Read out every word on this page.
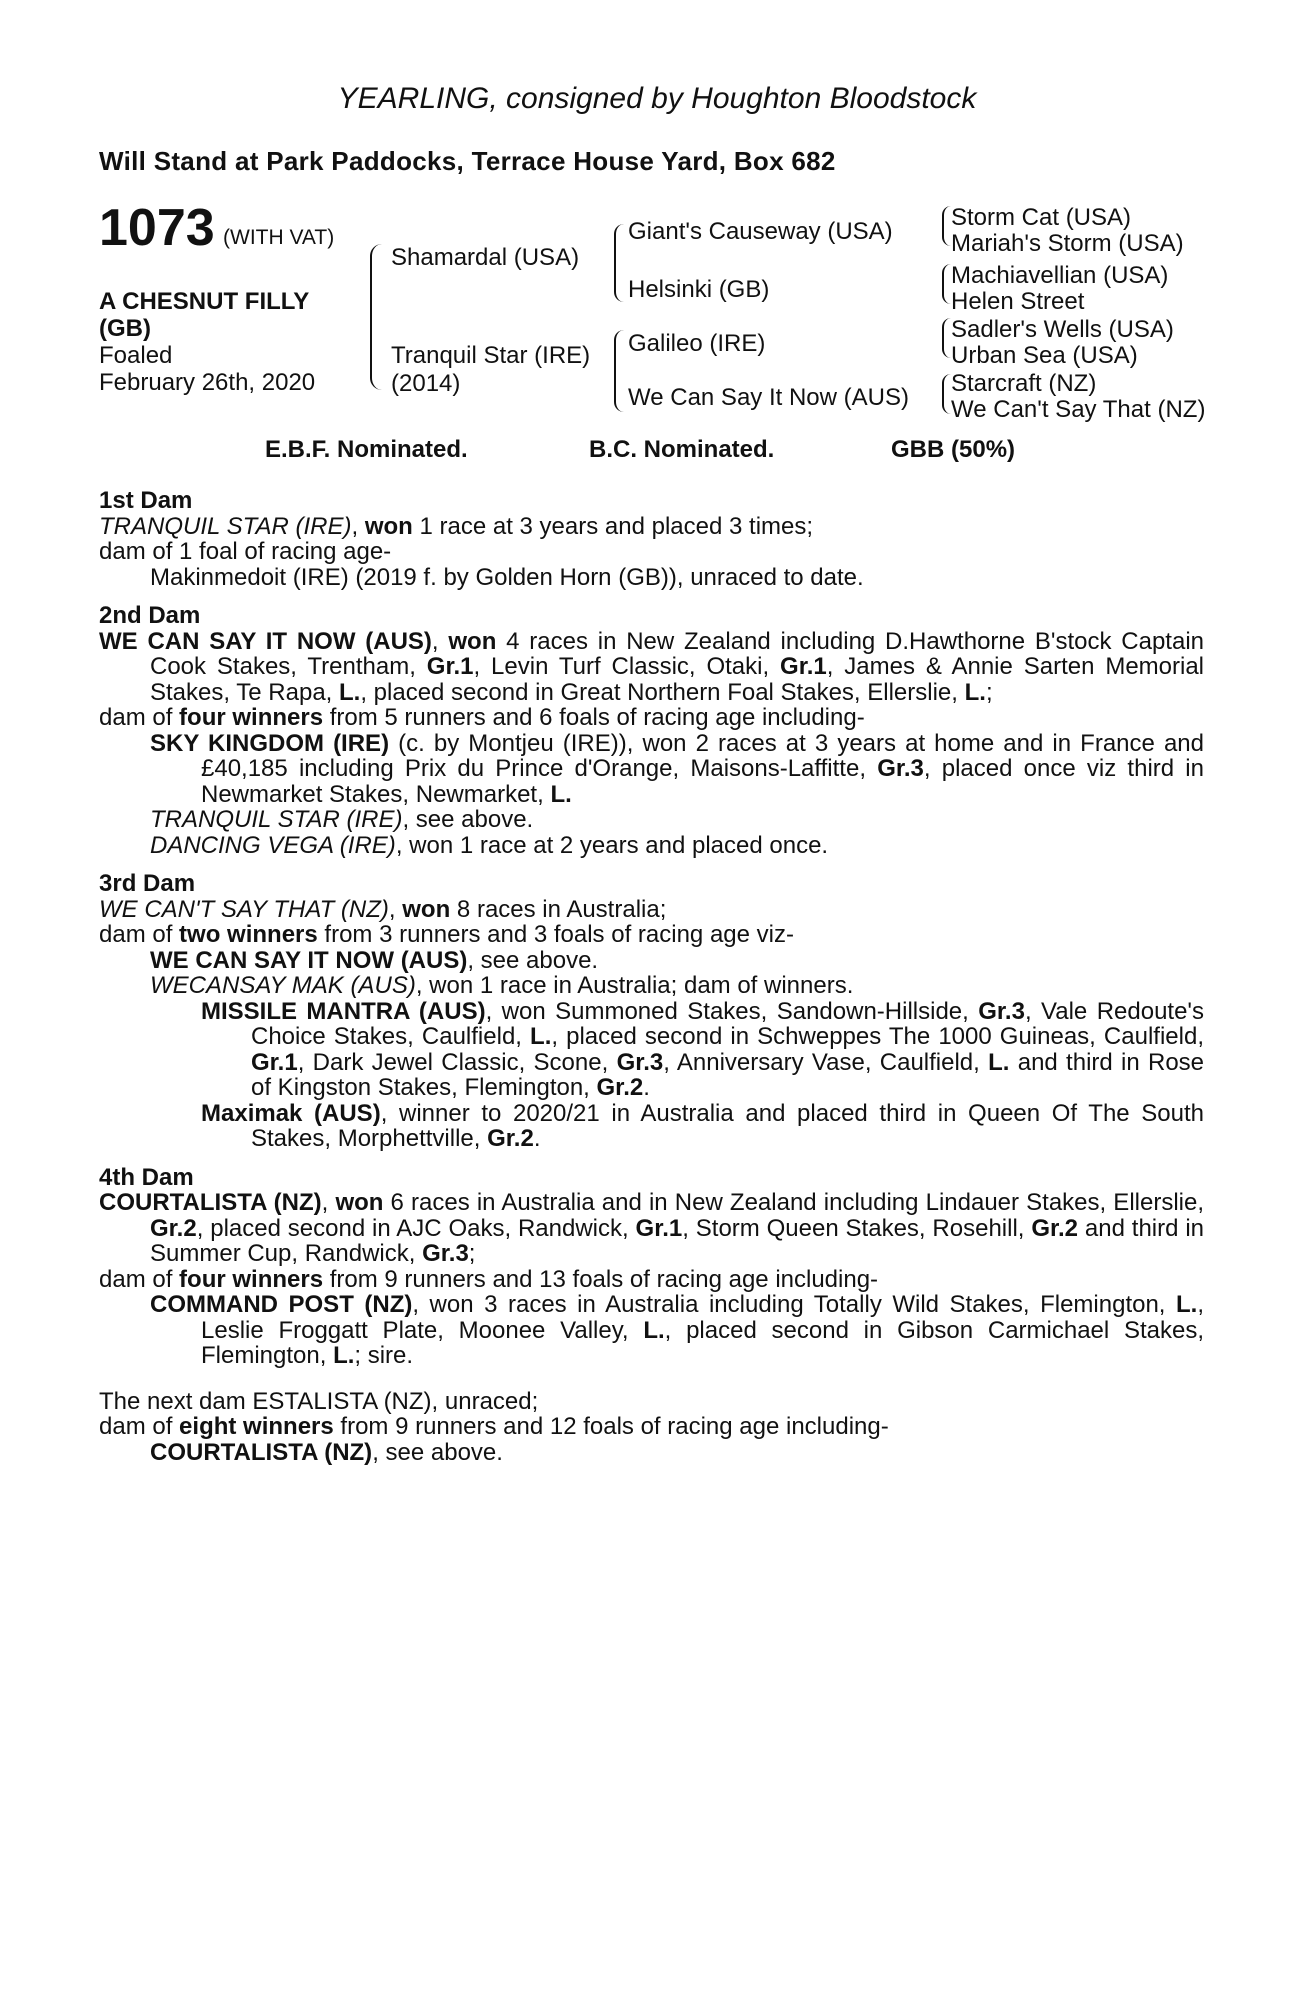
YEARLING, consigned by Houghton Bloodstock
Will Stand at Park Paddocks, Terrace House Yard, Box 682
1073 (WITH VAT)
A CHESNUT FILLY
(GB)
Foaled
February 26th, 2020
Shamardal (USA)
Tranquil Star (IRE)
(2014)
Giant's Causeway (USA)
Helsinki (GB)
Galileo (IRE)
We Can Say It Now (AUS)
Storm Cat (USA)
Mariah's Storm (USA)
Machiavellian (USA)
Helen Street
Sadler's Wells (USA)
Urban Sea (USA)
Starcraft (NZ)
We Can't Say That (NZ)
E.B.F. Nominated.	B.C. Nominated.	GBB (50%)

1st Dam

TRANQUIL STAR (IRE), won 1 race at 3 years and placed 3 times;

dam of 1 foal of racing age-

Makinmedoit (IRE) (2019 f. by Golden Horn (GB)), unraced to date.

2nd Dam

WE CAN SAY IT NOW (AUS), won 4 races in New Zealand including D.Hawthorne B'stock Captain Cook Stakes, Trentham, Gr.1, Levin Turf Classic, Otaki, Gr.1, James & Annie Sarten Memorial Stakes, Te Rapa, L., placed second in Great Northern Foal Stakes, Ellerslie, L.;

dam of four winners from 5 runners and 6 foals of racing age including-

SKY KINGDOM (IRE) (c. by Montjeu (IRE)), won 2 races at 3 years at home and in France and £40,185 including Prix du Prince d'Orange, Maisons-Laffitte, Gr.3, placed once viz third in Newmarket Stakes, Newmarket, L.

TRANQUIL STAR (IRE), see above.

DANCING VEGA (IRE), won 1 race at 2 years and placed once.

3rd Dam

WE CAN'T SAY THAT (NZ), won 8 races in Australia;

dam of two winners from 3 runners and 3 foals of racing age viz-

WE CAN SAY IT NOW (AUS), see above.

WECANSAY MAK (AUS), won 1 race in Australia; dam of winners.

MISSILE MANTRA (AUS), won Summoned Stakes, Sandown-Hillside, Gr.3, Vale Redoute's Choice Stakes, Caulfield, L., placed second in Schweppes The 1000 Guineas, Caulfield, Gr.1, Dark Jewel Classic, Scone, Gr.3, Anniversary Vase, Caulfield, L. and third in Rose of Kingston Stakes, Flemington, Gr.2.

Maximak (AUS), winner to 2020/21 in Australia and placed third in Queen Of The South Stakes, Morphettville, Gr.2.

4th Dam

COURTALISTA (NZ), won 6 races in Australia and in New Zealand including Lindauer Stakes, Ellerslie, Gr.2, placed second in AJC Oaks, Randwick, Gr.1, Storm Queen Stakes, Rosehill, Gr.2 and third in Summer Cup, Randwick, Gr.3;

dam of four winners from 9 runners and 13 foals of racing age including-

COMMAND POST (NZ), won 3 races in Australia including Totally Wild Stakes, Flemington, L., Leslie Froggatt Plate, Moonee Valley, L., placed second in Gibson Carmichael Stakes, Flemington, L.; sire.

The next dam ESTALISTA (NZ), unraced;

dam of eight winners from 9 runners and 12 foals of racing age including-

COURTALISTA (NZ), see above.
